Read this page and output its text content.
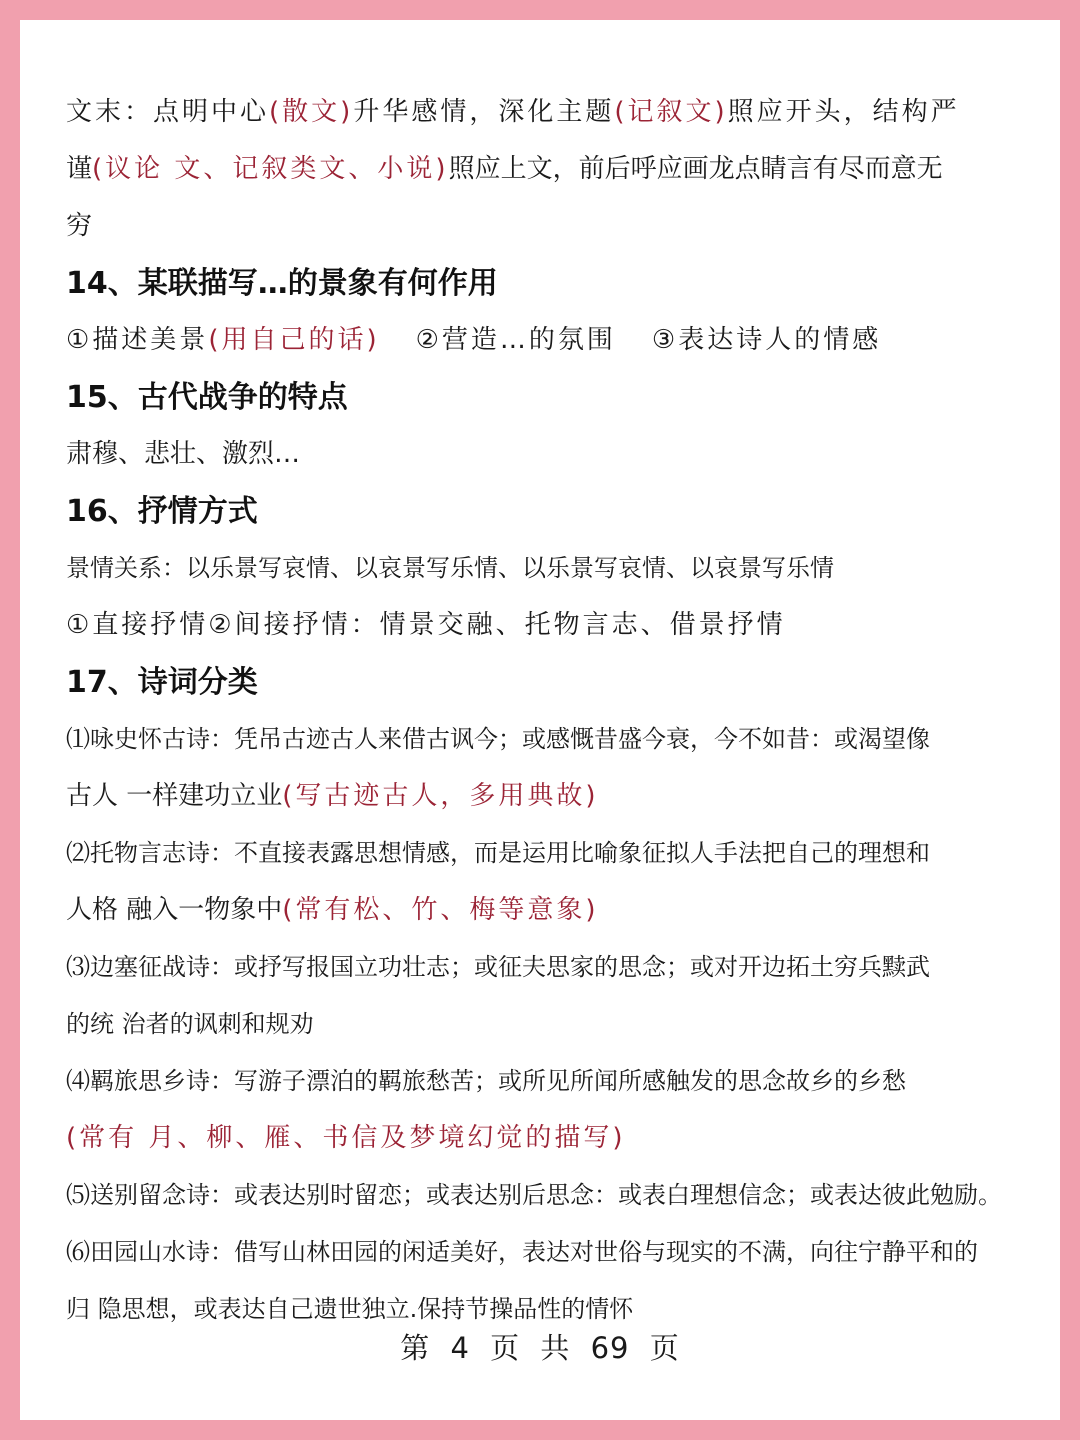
文末：点明中心(散文)升华感情，深化主题(记叙文)照应开头，结构严
谨(议论 文、记叙类文、小说)照应上文，前后呼应画龙点睛言有尽而意无
穷
14、某联描写…的景象有何作用
①描述美景(用自己的话) ②营造…的氛围 ③表达诗人的情感
15、古代战争的特点
肃穆、悲壮、激烈…
16、抒情方式
景情关系：以乐景写哀情、以哀景写乐情、以乐景写哀情、以哀景写乐情
①直接抒情②间接抒情：情景交融、托物言志、借景抒情
17、诗词分类
⑴咏史怀古诗：凭吊古迹古人来借古讽今；或感慨昔盛今衰，今不如昔：或渴望像
古人 一样建功立业(写古迹古人，多用典故)
⑵托物言志诗：不直接表露思想情感，而是运用比喻象征拟人手法把自己的理想和
人格 融入一物象中(常有松、竹、梅等意象)
⑶边塞征战诗：或抒写报国立功壮志；或征夫思家的思念；或对开边拓土穷兵黩武
的统 治者的讽刺和规劝
⑷羁旅思乡诗：写游子漂泊的羁旅愁苦；或所见所闻所感触发的思念故乡的乡愁
(常有 月、柳、雁、书信及梦境幻觉的描写)
⑸送别留念诗：或表达别时留恋；或表达别后思念：或表白理想信念；或表达彼此勉励。
⑹田园山水诗：借写山林田园的闲适美好，表达对世俗与现实的不满，向往宁静平和的
归 隐思想，或表达自己遗世独立.保持节操品性的情怀
第 4 页 共 69 页
